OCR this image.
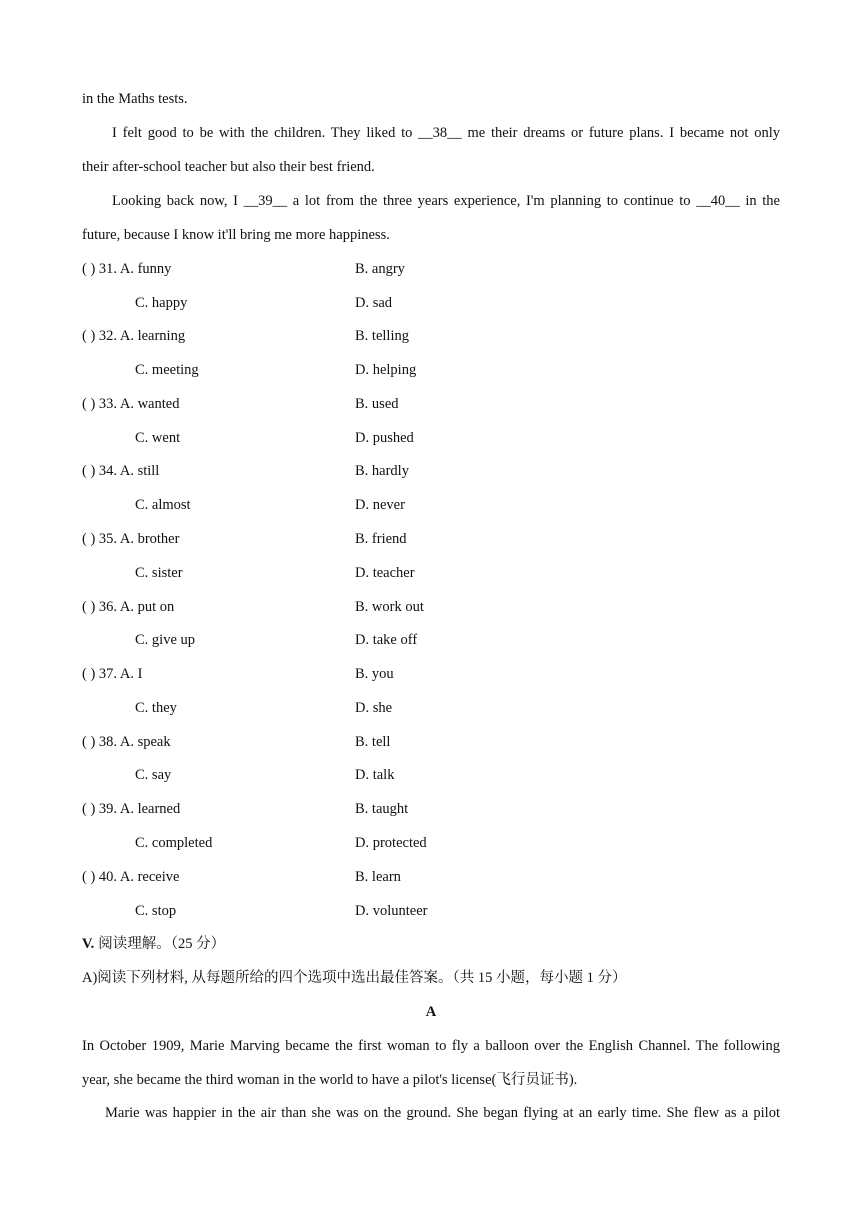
in the Maths tests.
I felt good to be with the children. They liked to __38__ me their dreams or future plans. I became not only
their after-school teacher but also their best friend.
Looking back now, I __39__ a lot from the three years experience, I'm planning to continue to __40__ in the
future, because I know it'll bring me more happiness.
( ) 31. A. funny	B. angry
C. happy	D. sad
( ) 32. A. learning	B. telling
C. meeting	D. helping
( ) 33. A. wanted	B. used
C. went	D. pushed
( ) 34. A. still	B. hardly
C. almost	D. never
( ) 35. A. brother	B. friend
C. sister	D. teacher
( ) 36. A. put on	B. work out
C. give up	D. take off
( ) 37. A. I	B. you
C. they	D. she
( ) 38. A. speak	B. tell
C. say	D. talk
( ) 39. A. learned	B. taught
C. completed	D. protected
( ) 40. A. receive	B. learn
C. stop	D. volunteer
V. 阅读理解。（25 分）
A)阅读下列材料, 从每题所给的四个选项中选出最佳答案。（共 15 小题，每小题 1 分）
A
In October 1909, Marie Marving became the first woman to fly a balloon over the English Channel. The following
year, she became the third woman in the world to have a pilot's license(飞行员证书).
Marie was happier in the air than she was on the ground. She began flying at an early time. She flew as a pilot
